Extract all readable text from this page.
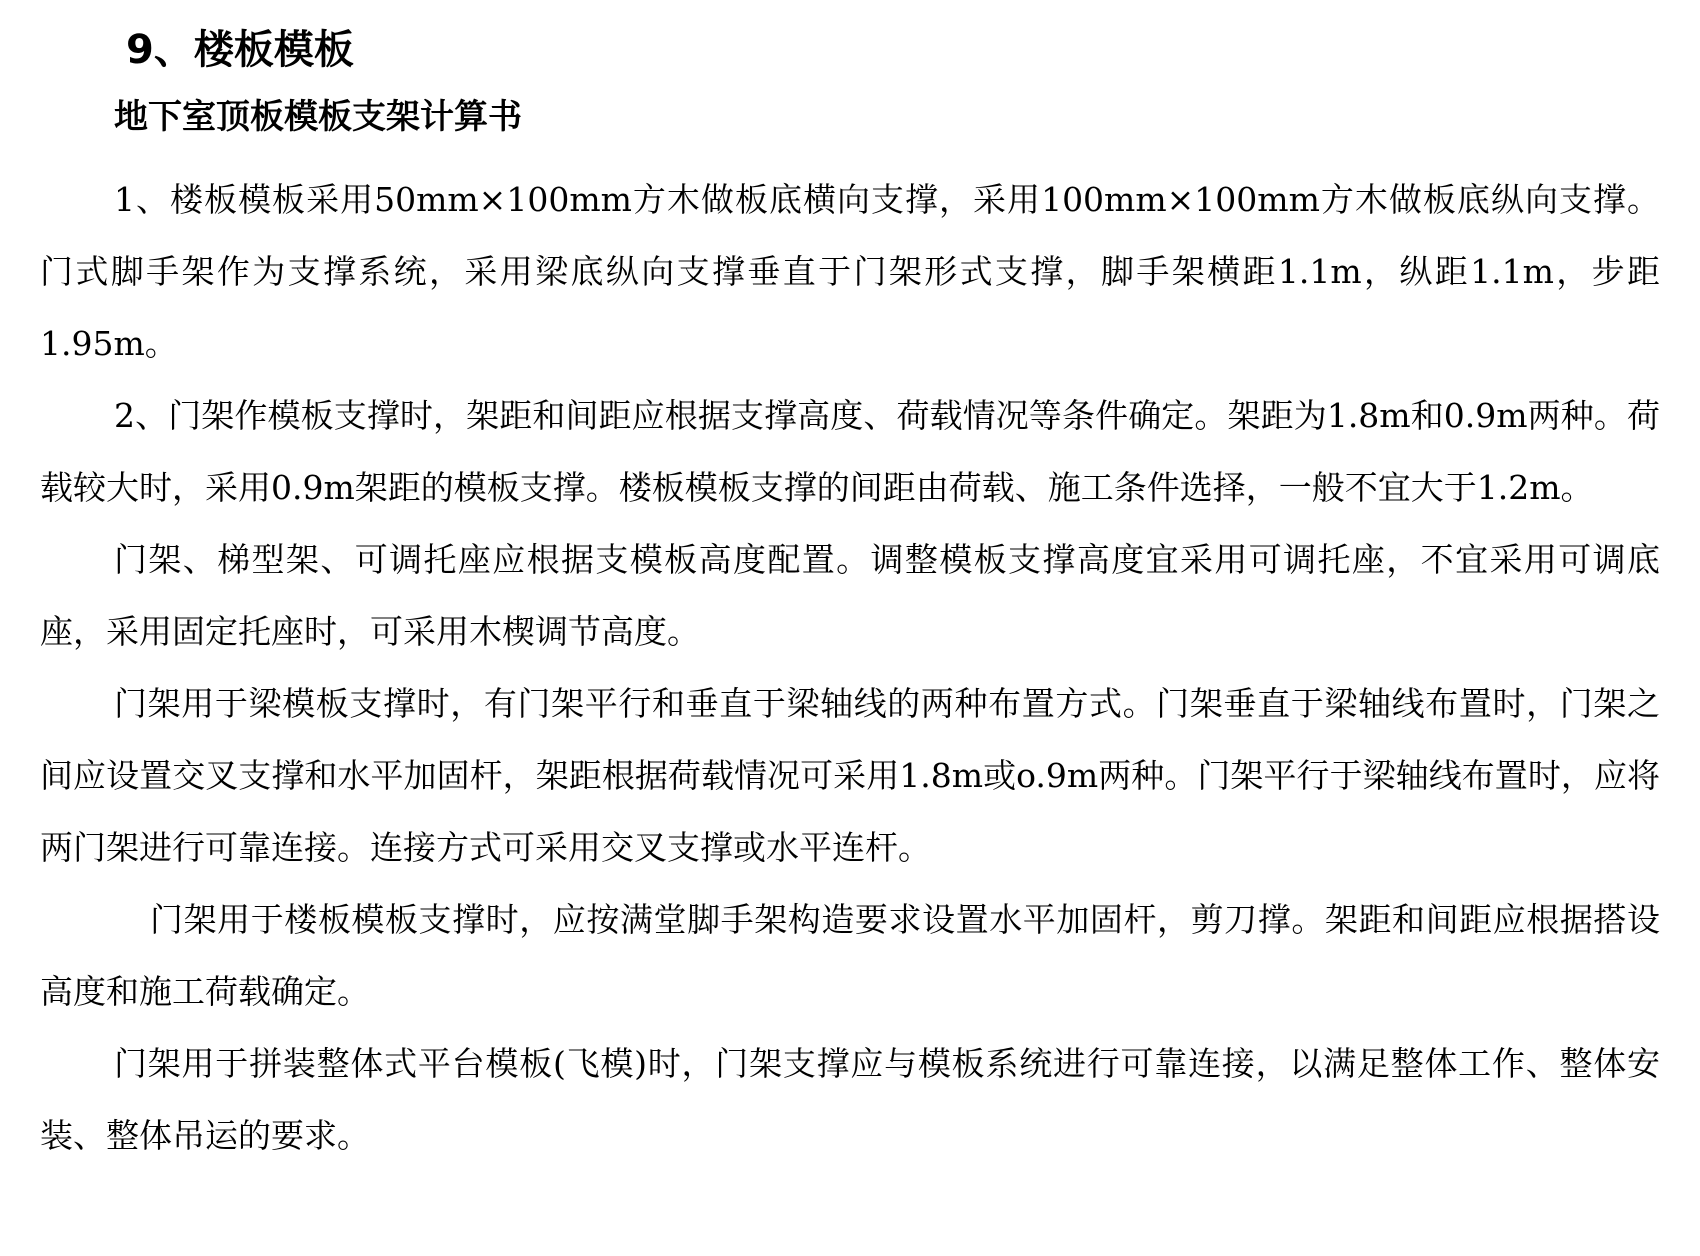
9、楼板模板
地下室顶板模板支架计算书

1、楼板模板采用50mm×100mm方木做板底横向支撑，采用100mm×100mm方木做板底纵向支撑。门式脚手架作为支撑系统，采用梁底纵向支撑垂直于门架形式支撑，脚手架横距1.1m，纵距1.1m，步距1.95m。

2、门架作模板支撑时，架距和间距应根据支撑高度、荷载情况等条件确定。架距为1.8m和0.9m两种。荷载较大时，采用0.9m架距的模板支撑。楼板模板支撑的间距由荷载、施工条件选择，一般不宜大于1.2m。

门架、梯型架、可调托座应根据支模板高度配置。调整模板支撑高度宜采用可调托座，不宜采用可调底座，采用固定托座时，可采用木楔调节高度。

门架用于梁模板支撑时，有门架平行和垂直于梁轴线的两种布置方式。门架垂直于梁轴线布置时，门架之间应设置交叉支撑和水平加固杆，架距根据荷载情况可采用1.8m或o.9m两种。门架平行于梁轴线布置时，应将两门架进行可靠连接。连接方式可采用交叉支撑或水平连杆。

门架用于楼板模板支撑时，应按满堂脚手架构造要求设置水平加固杆，剪刀撑。架距和间距应根据搭设高度和施工荷载确定。

门架用于拼装整体式平台模板(飞模)时，门架支撑应与模板系统进行可靠连接，以满足整体工作、整体安装、整体吊运的要求。
